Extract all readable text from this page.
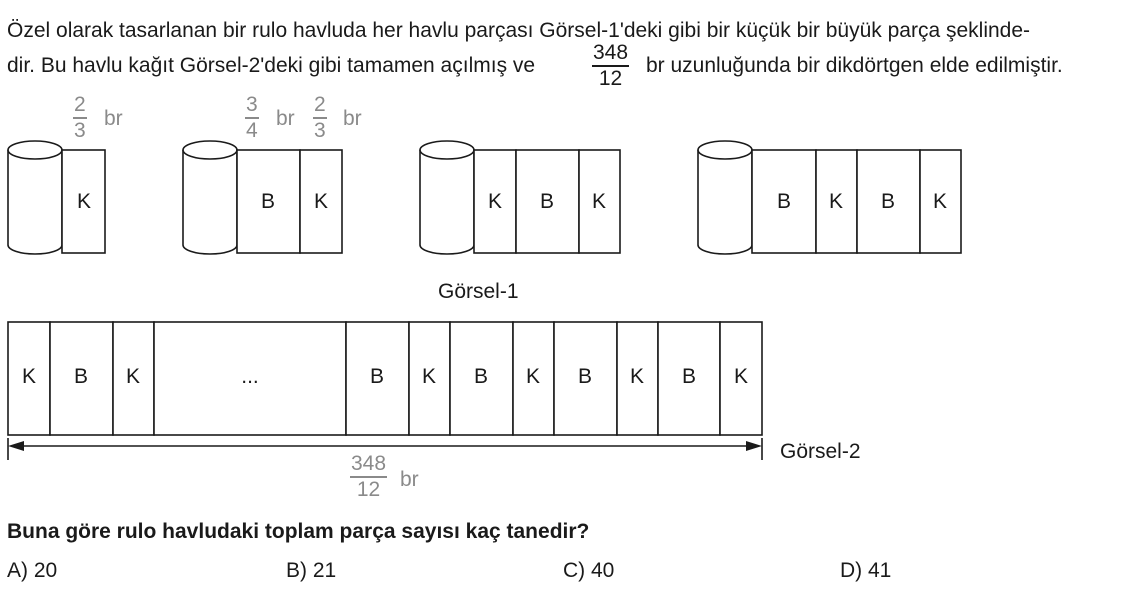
Özel olarak tasarlanan bir rulo havluda her havlu parçası Görsel-1'deki gibi bir küçük bir büyük parça şeklinde-
dir. Bu havlu kağıt Görsel-2'deki gibi tamamen açılmış ve
348
12
br uzunluğunda bir dikdörtgen elde edilmiştir.
2
3
br
3
4
br
2
3
br
K	B K	K B K	B K B K
Görsel-1
K B K	...	B K B K B K B K
Görsel-2
348
12 br
Buna göre rulo havludaki toplam parça sayısı kaç tanedir?
A) 20	B) 21	C) 40	D) 41
